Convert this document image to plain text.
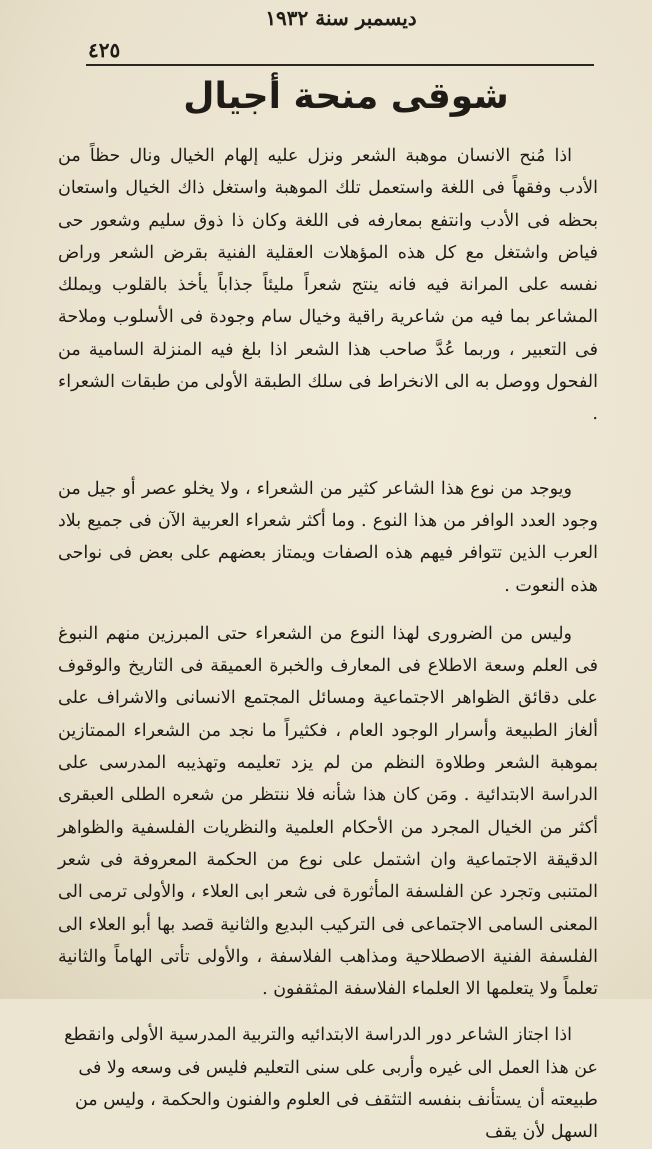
ديسمبر سنة ١٩٣٢
٤٢٥
شوقى منحة أجيال

اذا مُنح الانسان موهبة الشعر ونزل عليه إلهام الخيال ونال حظاً من الأدب وفقهاً فى اللغة واستعمل تلك الموهبة واستغل ذاك الخيال واستعان بحظه فى الأدب وانتفع بمعارفه فى اللغة وكان ذا ذوق سليم وشعور حى فياض واشتغل مع كل هذه المؤهلات العقلية الفنية بقرض الشعر وراض نفسه على المرانة فيه فانه ينتج شعراً مليئاً جذاباً يأخذ بالقلوب ويملك المشاعر بما فيه من شاعرية راقية وخيال سام وجودة فى الأسلوب وملاحة فى التعبير ، وربما عُدَّ صاحب هذا الشعر اذا بلغ فيه المنزلة السامية من الفحول ووصل به الى الانخراط فى سلك الطبقة الأولى من طبقات الشعراء .

ويوجد من نوع هذا الشاعر كثير من الشعراء ، ولا يخلو عصر أو جيل من وجود العدد الوافر من هذا النوع . وما أكثر شعراء العربية الآن فى جميع بلاد العرب الذين تتوافر فيهم هذه الصفات ويمتاز بعضهم على بعض فى نواحى هذه النعوت .

وليس من الضرورى لهذا النوع من الشعراء حتى المبرزين منهم النبوغ فى العلم وسعة الاطلاع فى المعارف والخبرة العميقة فى التاريخ والوقوف على دقائق الظواهر الاجتماعية ومسائل المجتمع الانسانى والاشراف على ألغاز الطبيعة وأسرار الوجود العام ، فكثيراً ما نجد من الشعراء الممتازين بموهبة الشعر وطلاوة النظم من لم يزد تعليمه وتهذيبه المدرسى على الدراسة الابتدائية . ومَن كان هذا شأنه فلا ننتظر من شعره الطلى العبقرى أكثر من الخيال المجرد من الأحكام العلمية والنظريات الفلسفية والظواهر الدقيقة الاجتماعية وان اشتمل على نوع من الحكمة المعروفة فى شعر المتنبى وتجرد عن الفلسفة المأثورة فى شعر ابى العلاء ، والأولى ترمى الى المعنى السامى الاجتماعى فى التركيب البديع والثانية قصد بها أبو العلاء الى الفلسفة الفنية الاصطلاحية ومذاهب الفلاسفة ، والأولى تأتى الهاماً والثانية تعلماً ولا يتعلمها الا العلماء الفلاسفة المثقفون .

اذا اجتاز الشاعر دور الدراسة الابتدائيه والتربية المدرسية الأولى وانقطع عن هذا العمل الى غيره وأربى على سنى التعليم فليس فى وسعه ولا فى طبيعته أن يستأنف بنفسه التثقف فى العلوم والفنون والحكمة ، وليس من السهل لأن يقف
